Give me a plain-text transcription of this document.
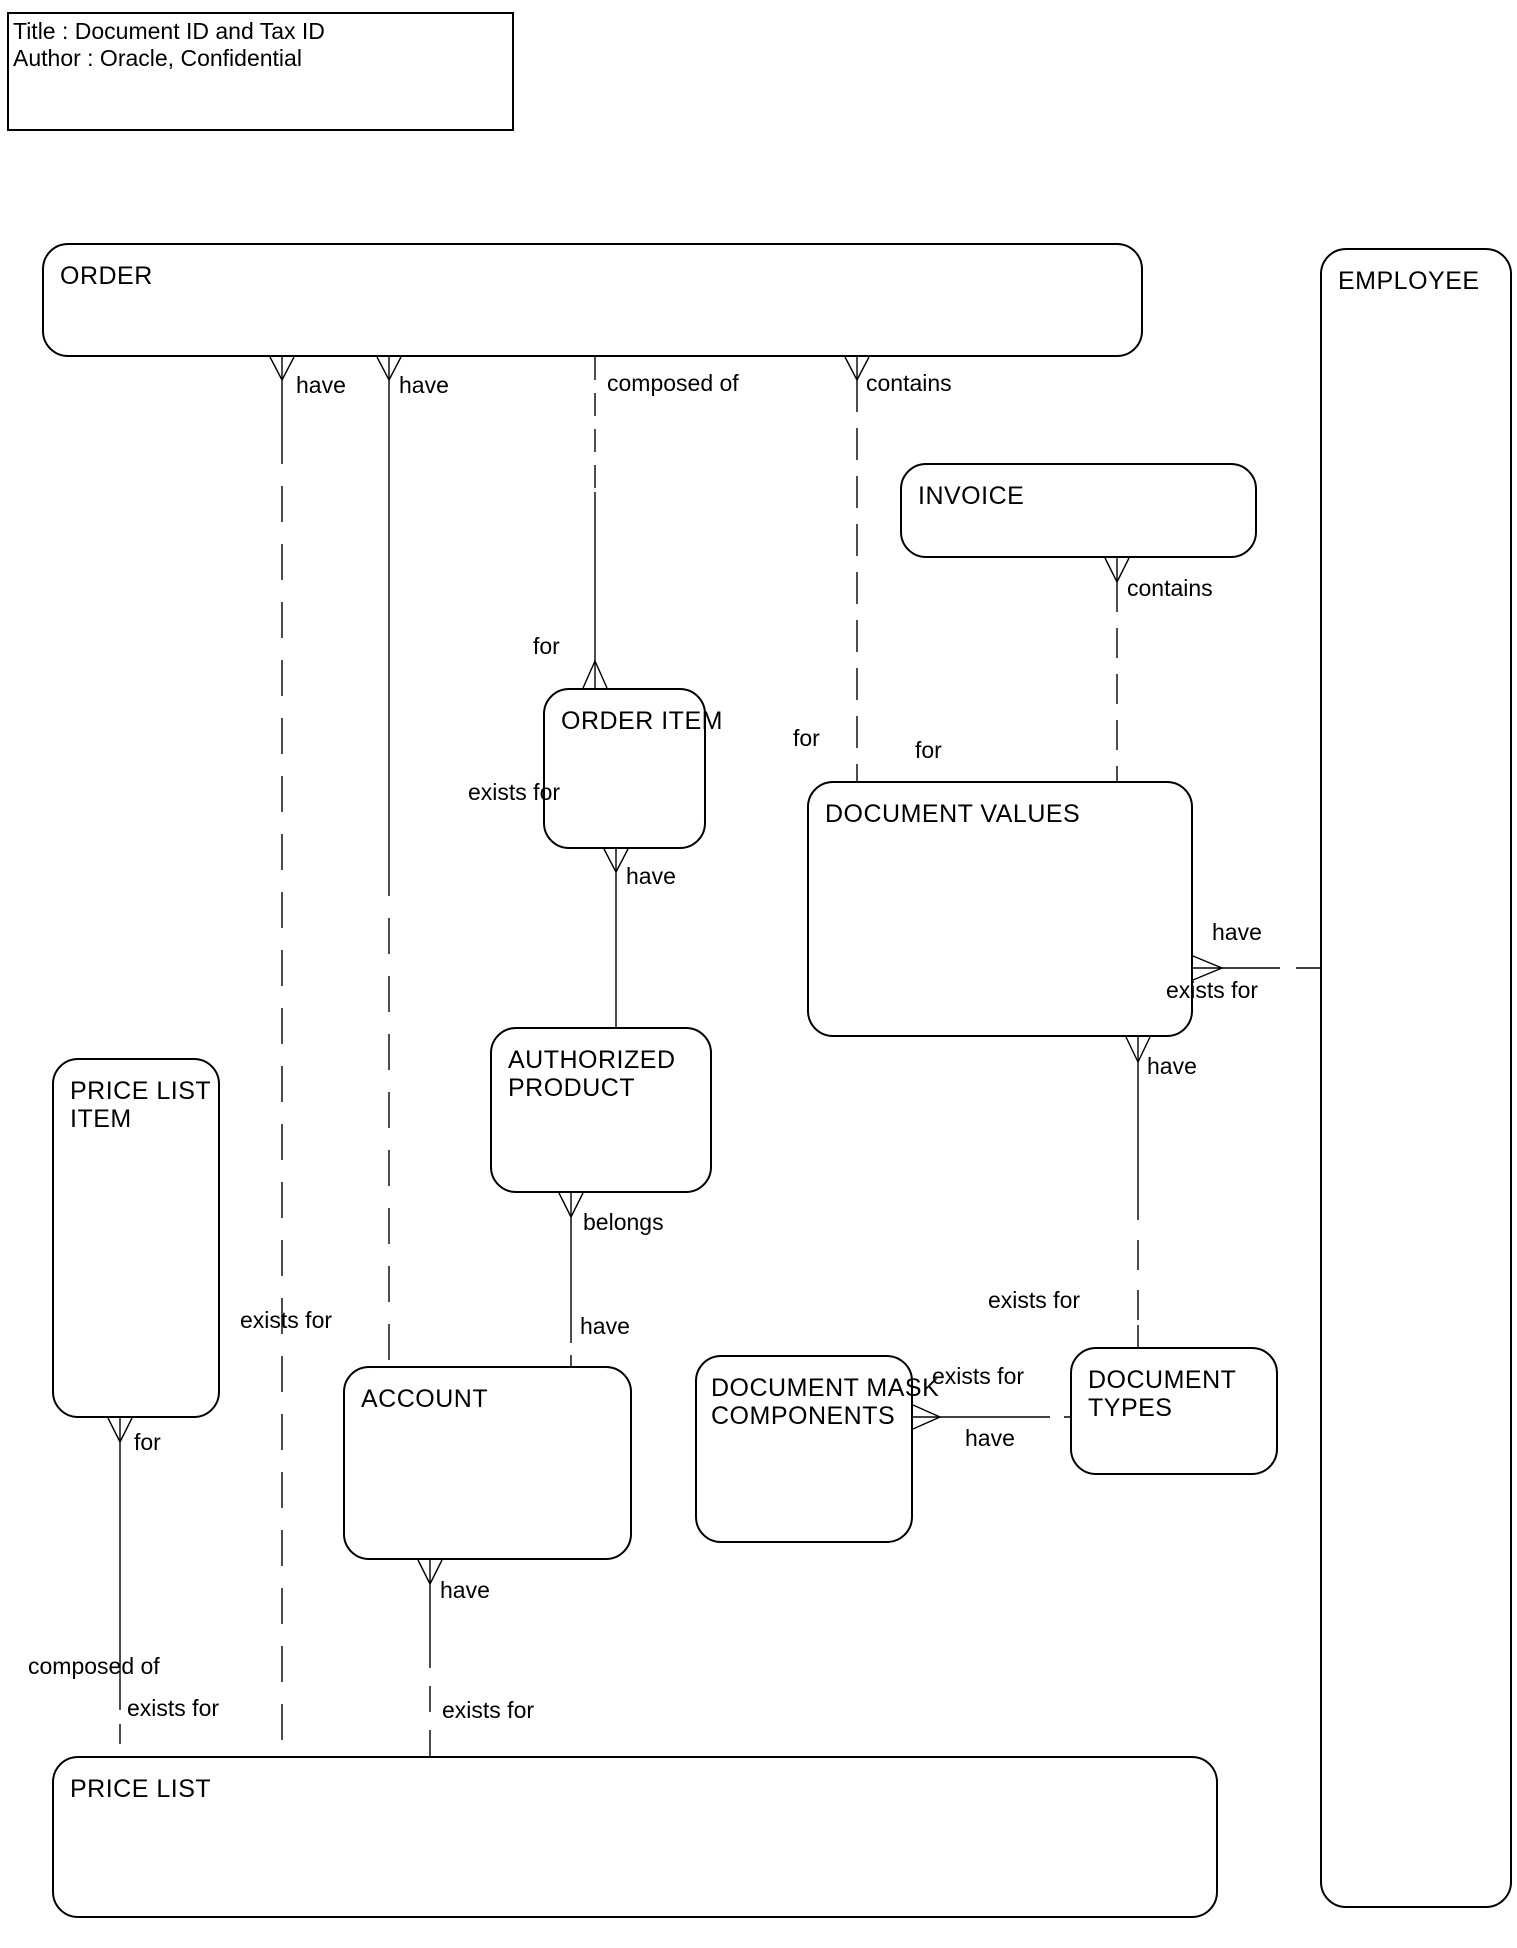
Title : Document ID and Tax ID
Author : Oracle, Confidential
ORDER	EMPLOYEE
INVOICE
ORDER ITEM
DOCUMENT VALUES
PRICE LIST
ITEM
AUTHORIZED
PRODUCT
ACCOUNT	DOCUMENT MASK
COMPONENTS
DOCUMENT
TYPES
PRICE LIST
have have	composed of	contains
contains
for
for	for
have
exists for
have
exists for
have
exists for
belongs
have
exists for
for
have
composed of
exists for	exists for
exists for
have
